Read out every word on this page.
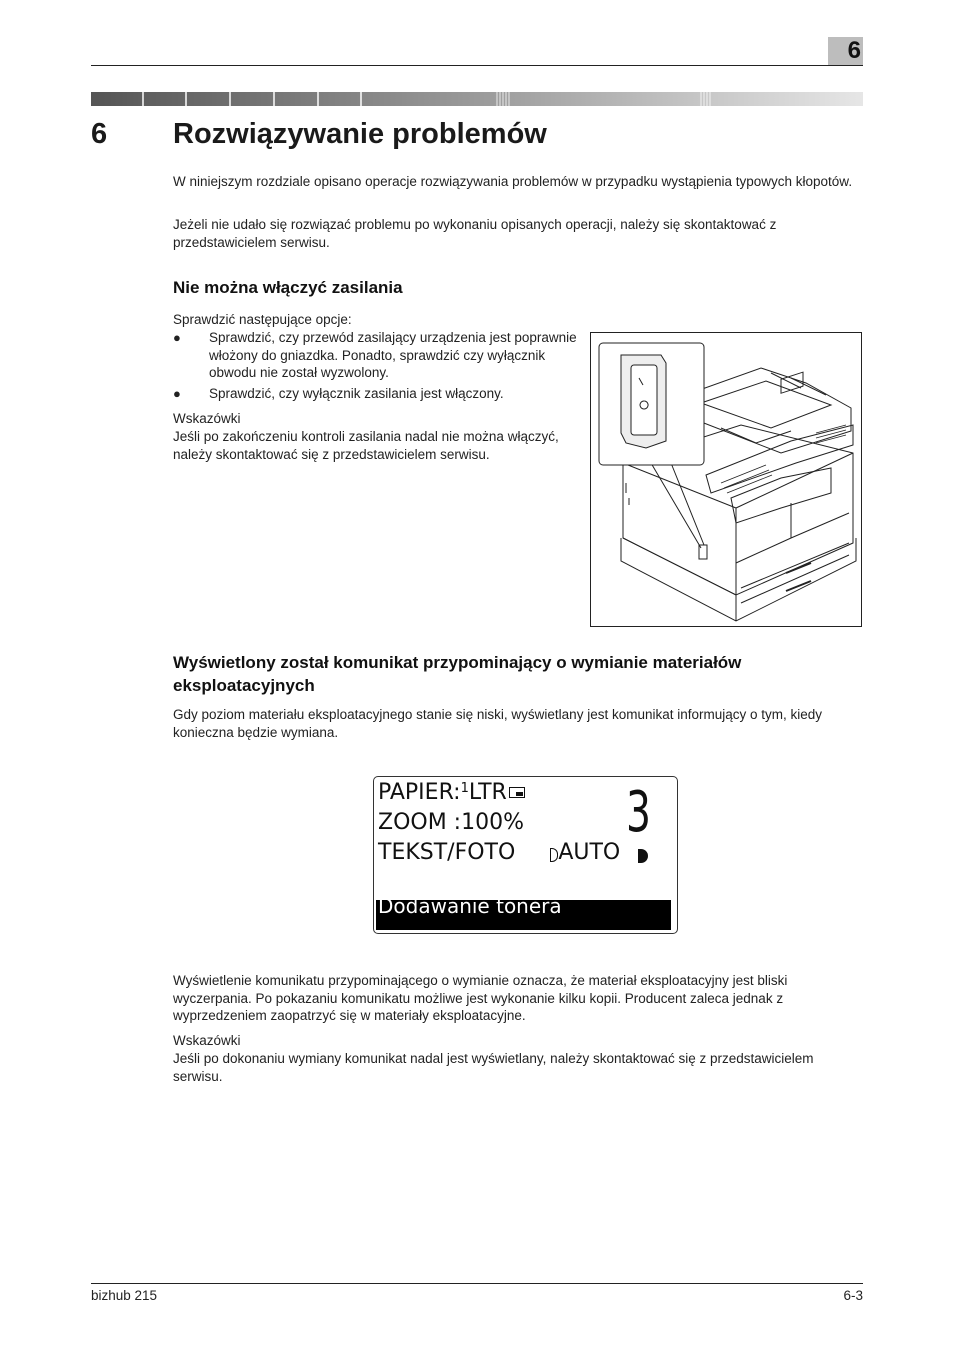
6
6 Rozwiązywanie problemów
W niniejszym rozdziale opisano operacje rozwiązywania problemów w przypadku wystąpienia typowych kłopotów.
Jeżeli nie udało się rozwiązać problemu po wykonaniu opisanych operacji, należy się skontaktować z przedstawicielem serwisu.
Nie można włączyć zasilania
Sprawdzić następujące opcje:
● Sprawdzić, czy przewód zasilający urządzenia jest poprawnie włożony do gniazdka. Ponadto, sprawdzić czy wyłącznik obwodu nie został wyzwolony.
● Sprawdzić, czy wyłącznik zasilania jest włączony.
Wskazówki
Jeśli po zakończeniu kontroli zasilania nadal nie można włączyć, należy skontaktować się z przedstawicielem serwisu.
Wyświetlony został komunikat przypominający o wymianie materiałów eksploatacyjnych
Gdy poziom materiału eksploatacyjnego stanie się niski, wyświetlany jest komunikat informujący o tym, kiedy konieczna będzie wymiana.
PAPIER:$^1$LTR
ZOOM :100%
TEKST/FOTO AUTO
3
Dodawanie tonera
Wyświetlenie komunikatu przypominającego o wymianie oznacza, że materiał eksploatacyjny jest bliski wyczerpania. Po pokazaniu komunikatu możliwe jest wykonanie kilku kopii. Producent zaleca jednak z wyprzedzeniem zaopatrzyć się w materiały eksploatacyjne.
Wskazówki
Jeśli po dokonaniu wymiany komunikat nadal jest wyświetlany, należy skontaktować się z przedstawicielem serwisu.
bizhub 215	6-3
